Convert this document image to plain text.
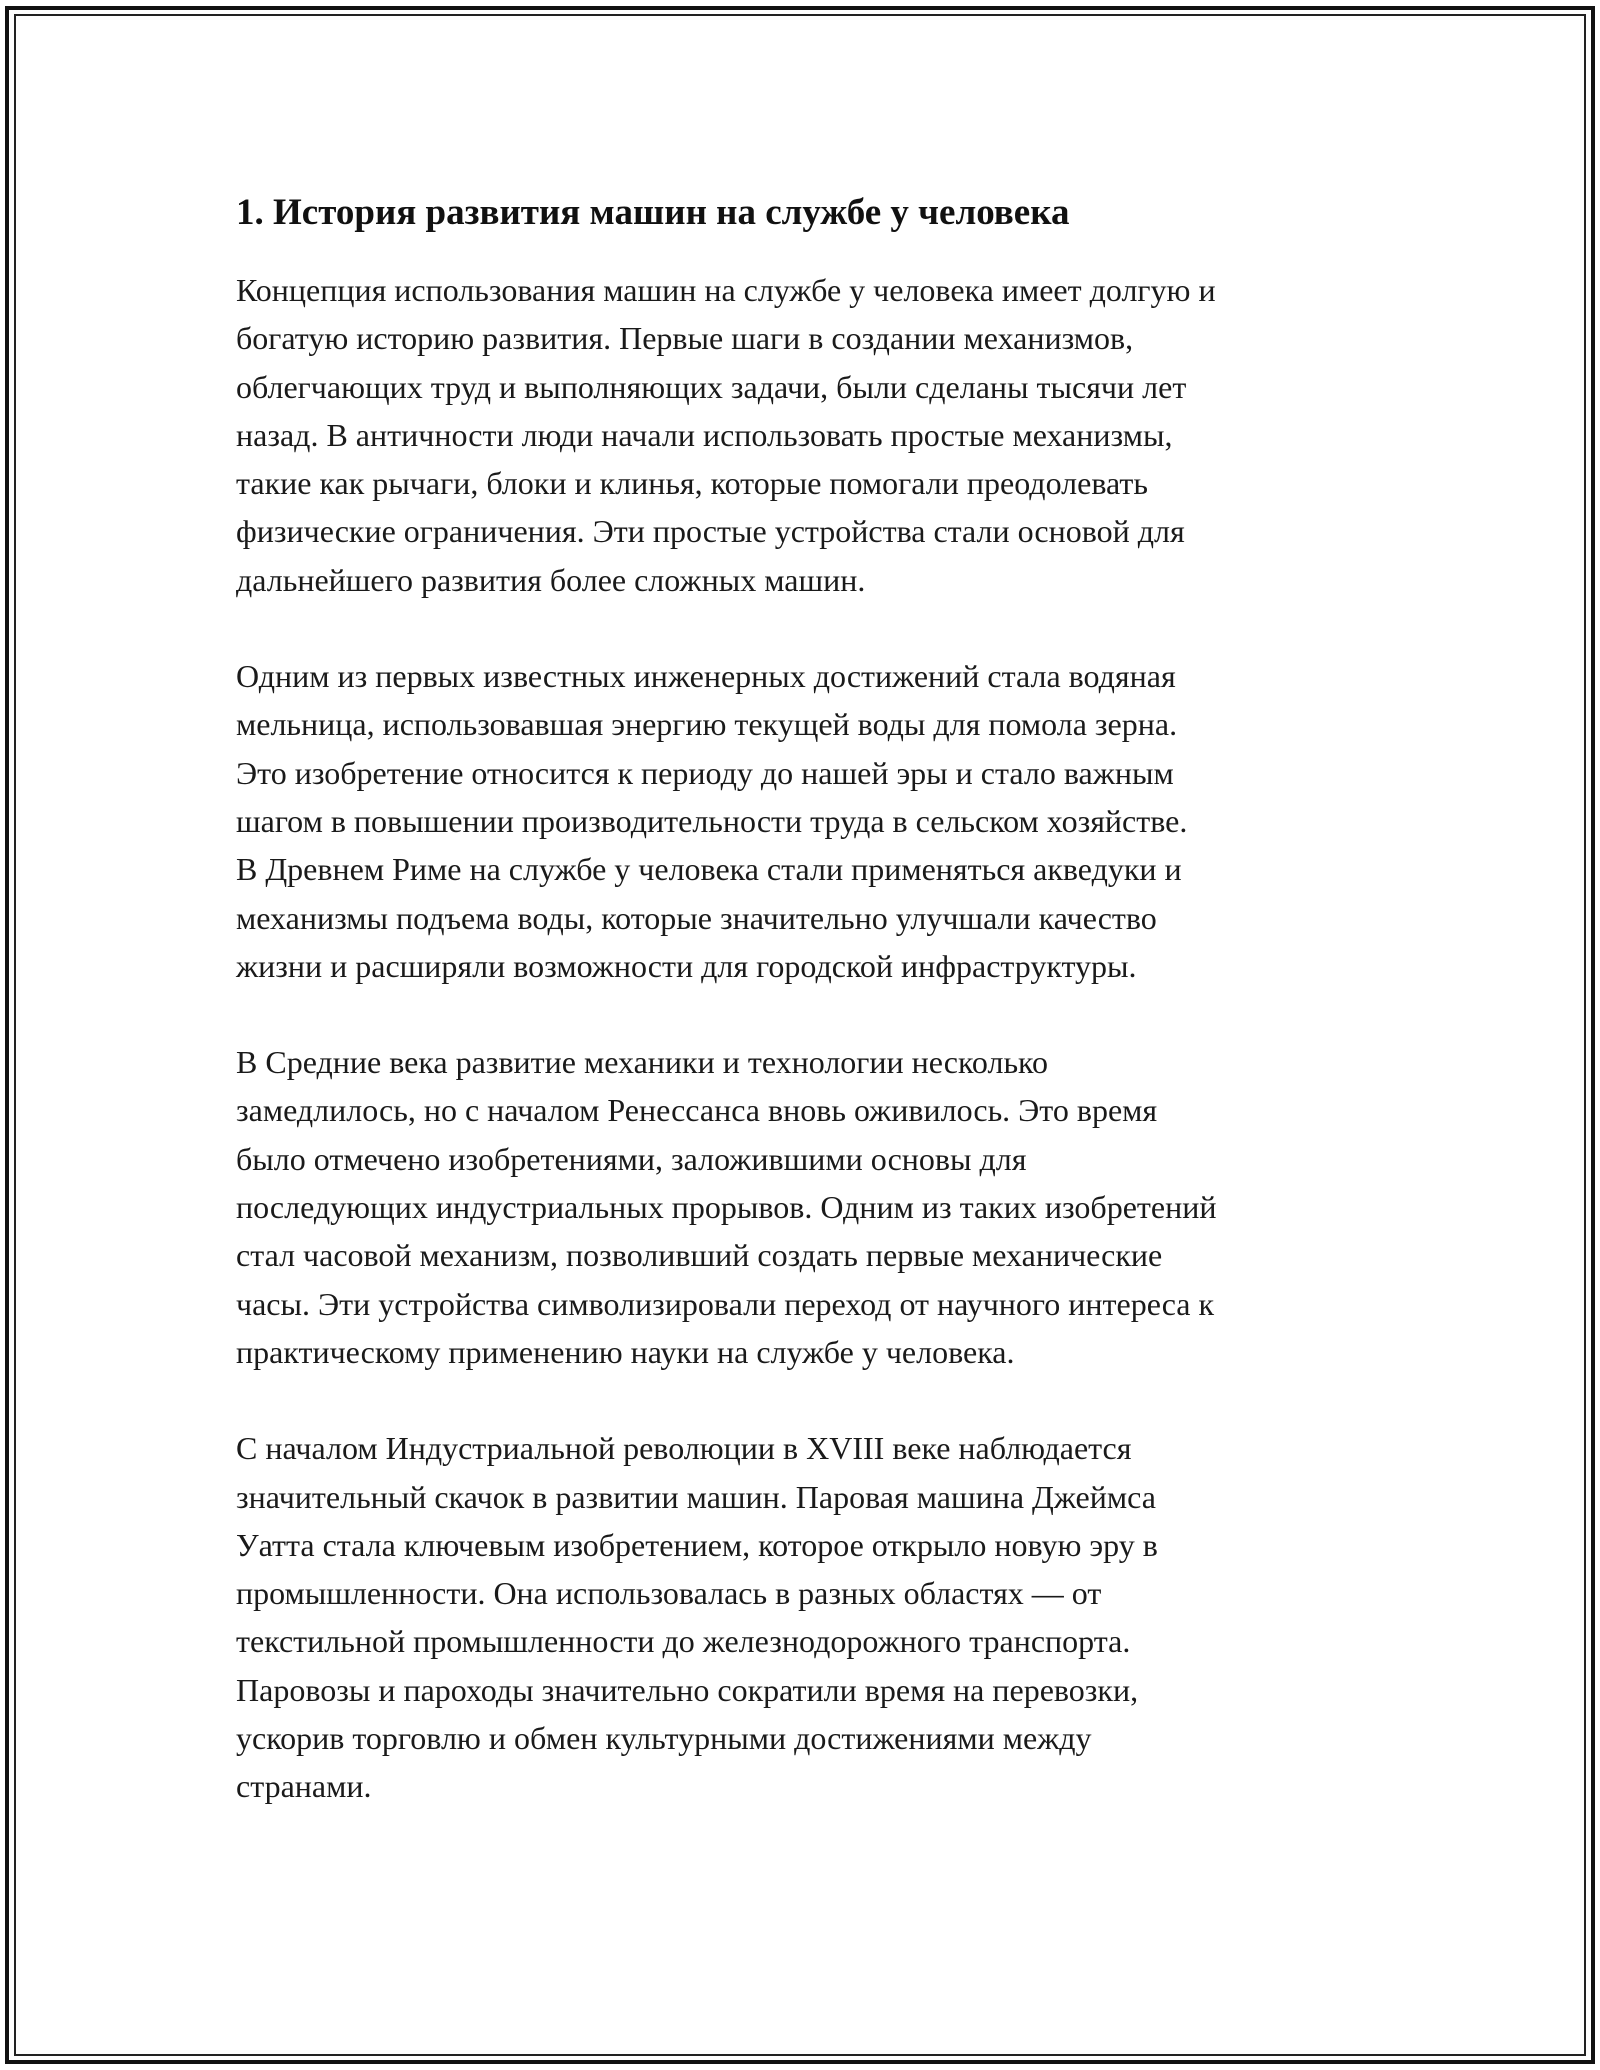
1. История развития машин на службе у человека

Концепция использования машин на службе у человека имеет долгую и
богатую историю развития. Первые шаги в создании механизмов,
облегчающих труд и выполняющих задачи, были сделаны тысячи лет
назад. В античности люди начали использовать простые механизмы,
такие как рычаги, блоки и клинья, которые помогали преодолевать
физические ограничения. Эти простые устройства стали основой для
дальнейшего развития более сложных машин.

Одним из первых известных инженерных достижений стала водяная
мельница, использовавшая энергию текущей воды для помола зерна.
Это изобретение относится к периоду до нашей эры и стало важным
шагом в повышении производительности труда в сельском хозяйстве.
В Древнем Риме на службе у человека стали применяться акведуки и
механизмы подъема воды, которые значительно улучшали качество
жизни и расширяли возможности для городской инфраструктуры.

В Средние века развитие механики и технологии несколько
замедлилось, но с началом Ренессанса вновь оживилось. Это время
было отмечено изобретениями, заложившими основы для
последующих индустриальных прорывов. Одним из таких изобретений
стал часовой механизм, позволивший создать первые механические
часы. Эти устройства символизировали переход от научного интереса к
практическому применению науки на службе у человека.

С началом Индустриальной революции в XVIII веке наблюдается
значительный скачок в развитии машин. Паровая машина Джеймса
Уатта стала ключевым изобретением, которое открыло новую эру в
промышленности. Она использовалась в разных областях — от
текстильной промышленности до железнодорожного транспорта.
Паровозы и пароходы значительно сократили время на перевозки,
ускорив торговлю и обмен культурными достижениями между
странами.
